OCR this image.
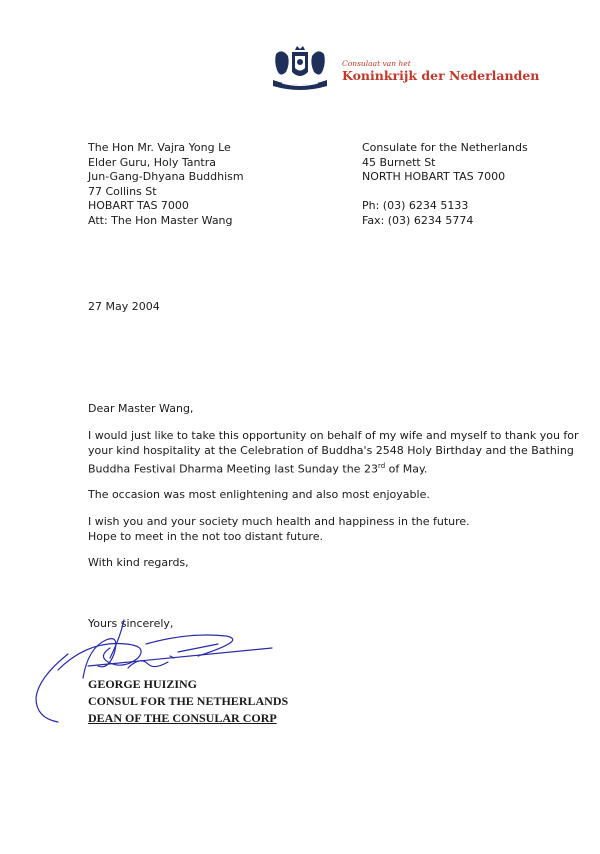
Consulaat van het
Koninkrijk der Nederlanden
The Hon Mr. Vajra Yong Le
Elder Guru, Holy Tantra
Jun-Gang-Dhyana Buddhism
77 Collins St
HOBART TAS 7000
Att: The Hon Master Wang
Consulate for the Netherlands
45 Burnett St
NORTH HOBART TAS 7000
Ph: (03) 6234 5133
Fax: (03) 6234 5774
27 May 2004

Dear Master Wang,

I would just like to take this opportunity on behalf of my wife and myself to thank you for your kind hospitality at the Celebration of Buddha's 2548 Holy Birthday and the Bathing Buddha Festival Dharma Meeting last Sunday the 23rd of May.

The occasion was most enlightening and also most enjoyable.

I wish you and your society much health and happiness in the future.

Hope to meet in the not too distant future.

With kind regards,

Yours sincerely,
GEORGE HUIZING
CONSUL FOR THE NETHERLANDS
DEAN OF THE CONSULAR CORP
